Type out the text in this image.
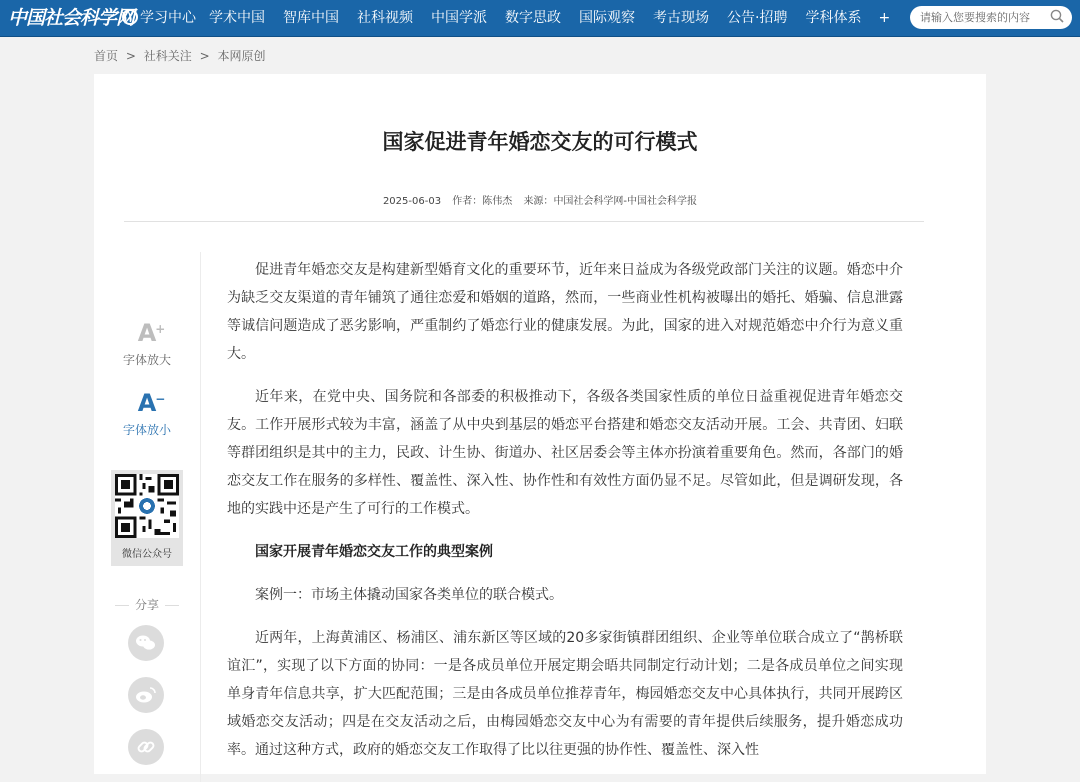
中国社会科学网 学习中心 学术中国	智库中国	社科视频	中国学派	数字思政	国际观察	考古现场	公告·招聘	学科体系	+
请输入您要搜索的内容
首页 > 社科关注 > 本网原创
国家促进青年婚恋交友的可行模式
2025-06-03 作者：陈伟杰 来源：中国社会科学网-中国社会科学报
A
+
字体放大
A
−
字体放小
微信公众号
分享

促进青年婚恋交友是构建新型婚育文化的重要环节，近年来日益成为各级党政部门关注的议题。婚恋中介为缺乏交友渠道的青年铺筑了通往恋爱和婚姻的道路，然而，一些商业性机构被曝出的婚托、婚骗、信息泄露等诚信问题造成了恶劣影响，严重制约了婚恋行业的健康发展。为此，国家的进入对规范婚恋中介行为意义重大。

近年来，在党中央、国务院和各部委的积极推动下，各级各类国家性质的单位日益重视促进青年婚恋交友。工作开展形式较为丰富，涵盖了从中央到基层的婚恋平台搭建和婚恋交友活动开展。工会、共青团、妇联等群团组织是其中的主力，民政、计生协、街道办、社区居委会等主体亦扮演着重要角色。然而，各部门的婚恋交友工作在服务的多样性、覆盖性、深入性、协作性和有效性方面仍显不足。尽管如此，但是调研发现，各地的实践中还是产生了可行的工作模式。

国家开展青年婚恋交友工作的典型案例

案例一：市场主体撬动国家各类单位的联合模式。

近两年，上海黄浦区、杨浦区、浦东新区等区域的20多家街镇群团组织、企业等单位联合成立了“鹊桥联谊汇”，实现了以下方面的协同：一是各成员单位开展定期会晤共同制定行动计划；二是各成员单位之间实现单身青年信息共享，扩大匹配范围；三是由各成员单位推荐青年，梅园婚恋交友中心具体执行，共同开展跨区域婚恋交友活动；四是在交友活动之后，由梅园婚恋交友中心为有需要的青年提供后续服务，提升婚恋成功率。通过这种方式，政府的婚恋交友工作取得了比以往更强的协作性、覆盖性、深入性
